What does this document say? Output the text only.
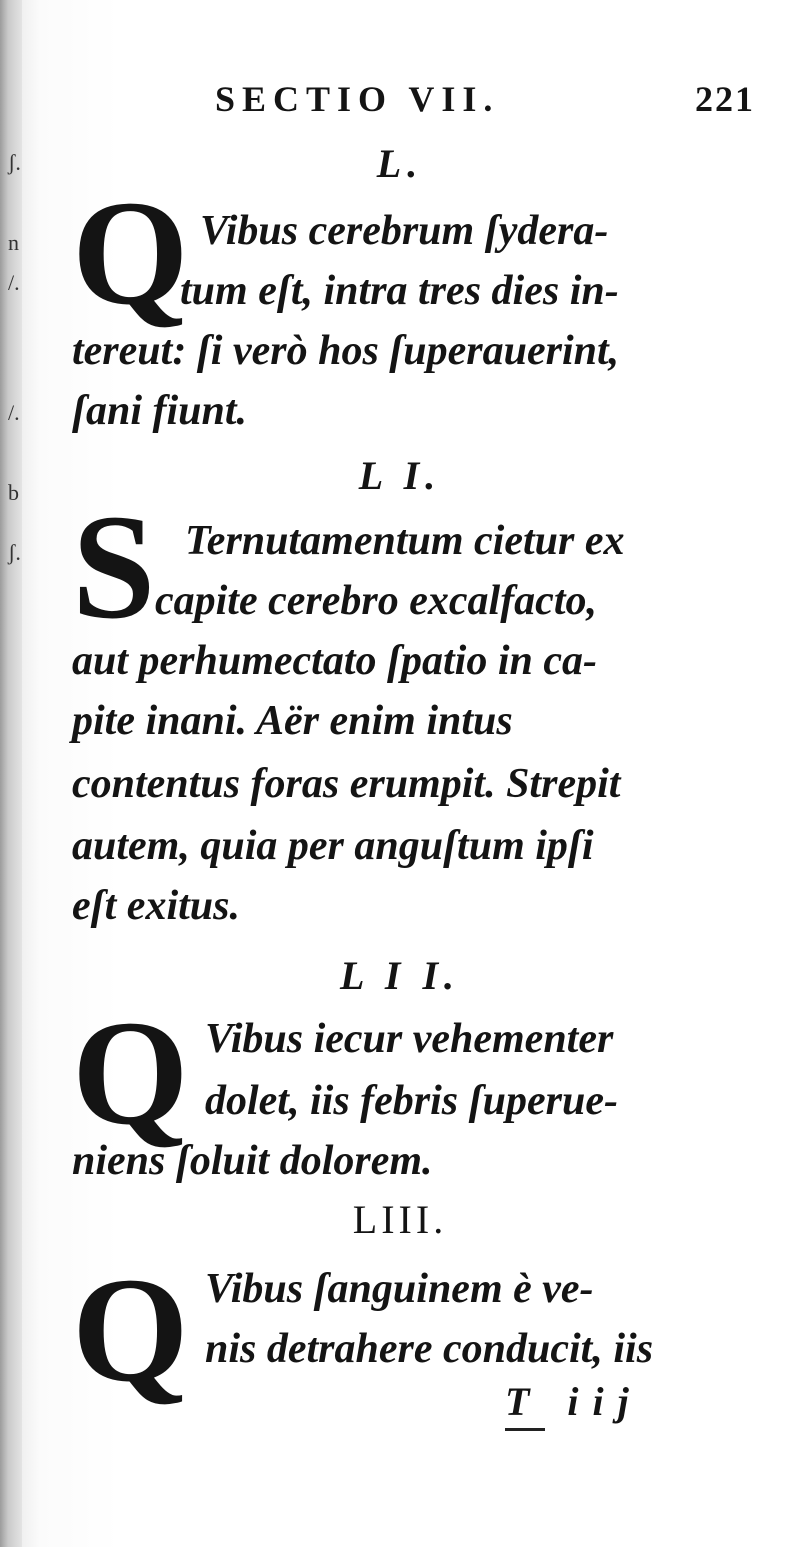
ʃ.
n
/.
/.
b
ʃ.
SECTIO VII.	221
L.
Q Vibus cerebrum ſydera-
tum eſt, intra tres dies in-
tereut: ſi verò hos ſuperauerint,
ſani fiunt.
L I.
S Ternutamentum cietur ex
capite cerebro excalfacto,
aut perhumectato ſpatio in ca-
pite inani. Aër enim intus
contentus foras erumpit. Strepit
autem, quia per anguſtum ipſi
eſt exitus.
L I I.
Q Vibus iecur vehementer
dolet, iis febris ſuperue-
niens ſoluit dolorem.
LIII.
Q Vibus ſanguinem è ve-
nis detrahere conducit, iis
T iij
